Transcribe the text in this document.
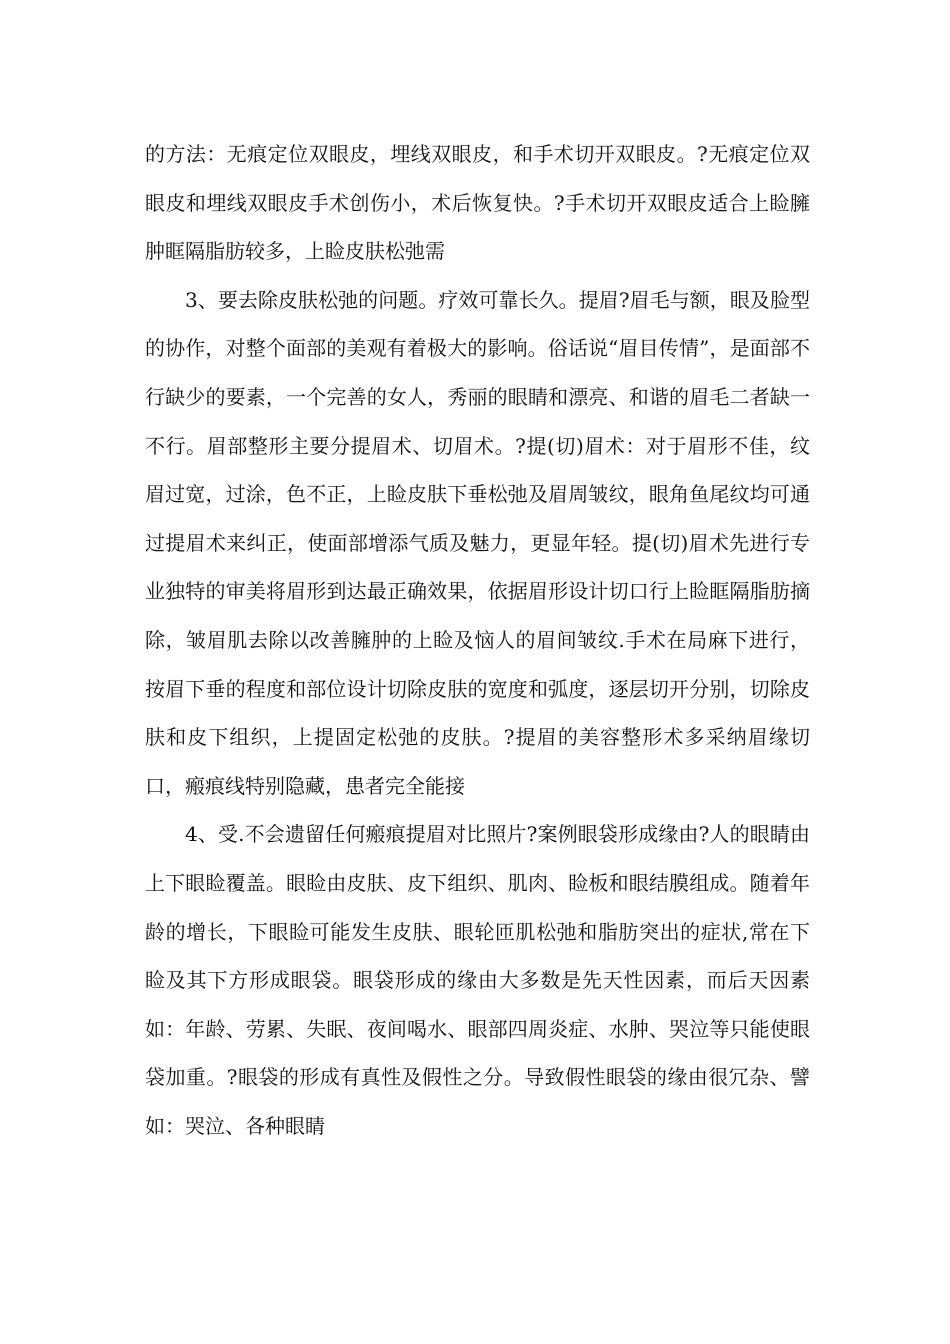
的方法：无痕定位双眼皮，埋线双眼皮，和手术切开双眼皮。?无痕定位双眼皮和埋线双眼皮手术创伤小，术后恢复快。?手术切开双眼皮适合上睑臃肿眶隔脂肪较多，上睑皮肤松弛需

3、要去除皮肤松弛的问题。疗效可靠长久。提眉?眉毛与额，眼及脸型的协作，对整个面部的美观有着极大的影响。俗话说“眉目传情”，是面部不行缺少的要素，一个完善的女人，秀丽的眼睛和漂亮、和谐的眉毛二者缺一不行。眉部整形主要分提眉术、切眉术。?提(切)眉术：对于眉形不佳，纹眉过宽，过涂，色不正，上睑皮肤下垂松弛及眉周皱纹，眼角鱼尾纹均可通过提眉术来纠正，使面部增添气质及魅力，更显年轻。提(切)眉术先进行专业独特的审美将眉形到达最正确效果，依据眉形设计切口行上睑眶隔脂肪摘除，皱眉肌去除以改善臃肿的上睑及恼人的眉间皱纹.手术在局麻下进行，按眉下垂的程度和部位设计切除皮肤的宽度和弧度，逐层切开分别，切除皮肤和皮下组织，上提固定松弛的皮肤。?提眉的美容整形术多采纳眉缘切口，瘢痕线特别隐藏，患者完全能接

4、受.不会遗留任何瘢痕提眉对比照片?案例眼袋形成缘由?人的眼睛由上下眼睑覆盖。眼睑由皮肤、皮下组织、肌肉、睑板和眼结膜组成。随着年龄的增长，下眼睑可能发生皮肤、眼轮匝肌松弛和脂肪突出的症状,常在下睑及其下方形成眼袋。眼袋形成的缘由大多数是先天性因素，而后天因素如：年龄、劳累、失眠、夜间喝水、眼部四周炎症、水肿、哭泣等只能使眼袋加重。?眼袋的形成有真性及假性之分。导致假性眼袋的缘由很冗杂、譬如：哭泣、各种眼睛
